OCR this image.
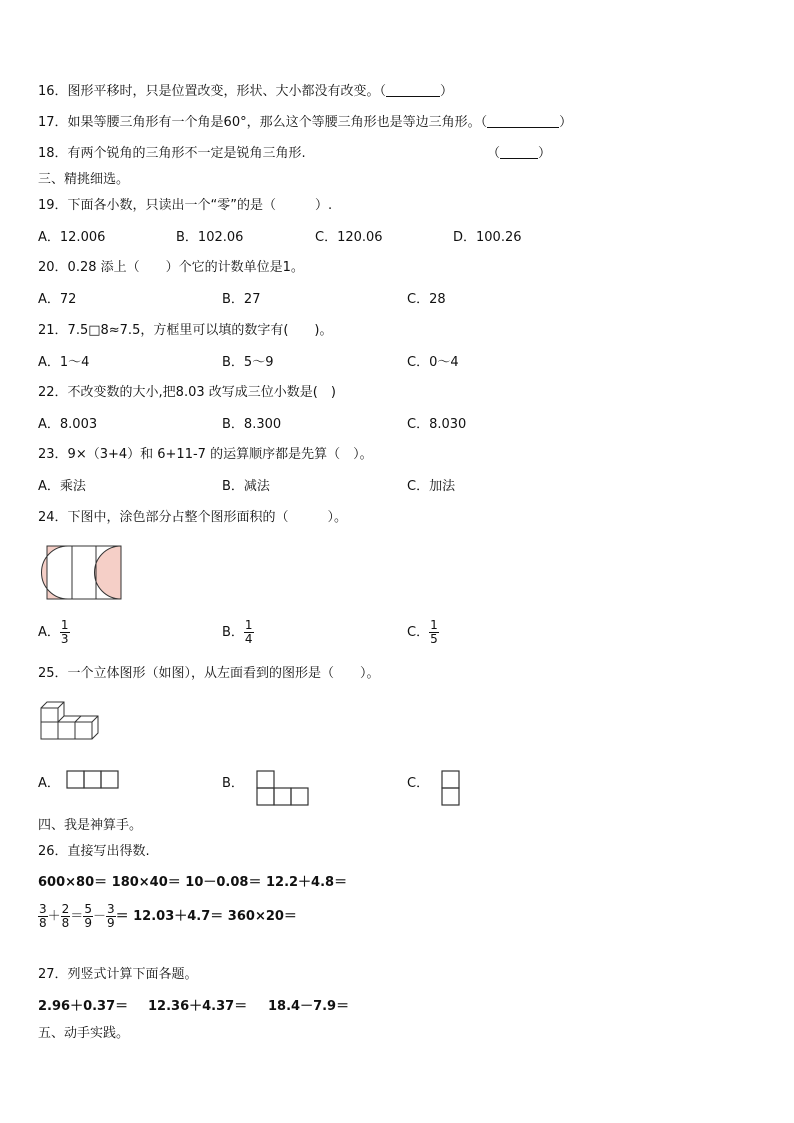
16．图形平移时，只是位置改变，形状、大小都没有改变。（	）
17．如果等腰三角形有一个角是60°，那么这个等腰三角形也是等边三角形。（	）
18．有两个锐角的三角形不一定是锐角三角形.	（	）
三、精挑细选。
19．下面各小数，只读出一个“零”的是（　　　）.
A．12.006	B．102.06	C．120.06	D．100.26
20．0.28 添上（　　）个它的计数单位是1。
A．72	B．27	C．28
21．7.5□8≈7.5，方框里可以填的数字有(　　)。
A．1～4	B．5～9	C．0～4
22．不改变数的大小,把8.03 改写成三位小数是(　)
A．8.003	B．8.300	C．8.030
23．9×（3+4）和 6+11-7 的运算顺序都是先算（　）。
A．乘法	B．减法	C．加法
24．下图中，涂色部分占整个图形面积的（　　　）。
A． $\frac{1}{3}$	B． $\frac{1}{4}$	C． $\frac{1}{5}$
25．一个立体图形（如图），从左面看到的图形是（　　）。
A．	B．	C．
四、我是神算手。
26．直接写出得数.
600×80＝ 180×40＝ 10－0.08＝ 12.2＋4.8＝
$\frac{3}{8} + \frac{2}{8} = \frac{5}{9} - \frac{3}{9} = 12.03+4.7= 360\times 20=$
27．列竖式计算下面各题。
2.96＋0.37＝ 12.36＋4.37＝ 18.4－7.9＝
五、动手实践。
